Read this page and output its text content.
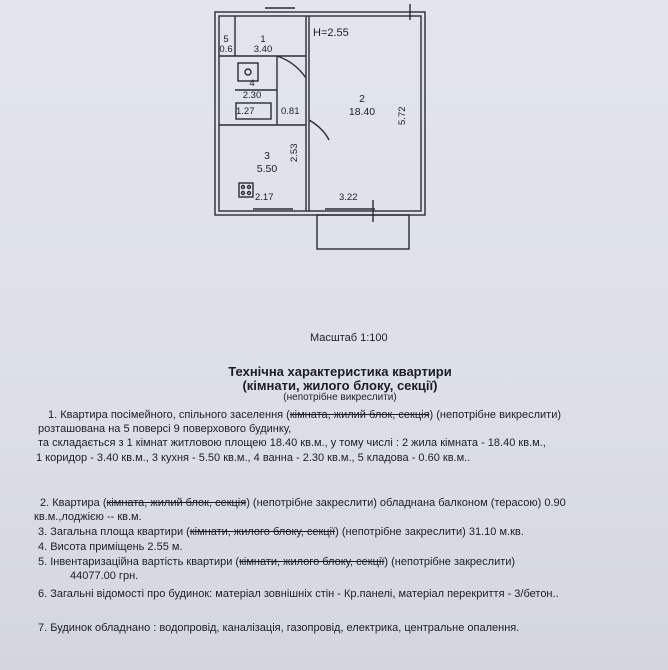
H=2.55
5
0.6
1
3.40
4
2.30	2
18.40
3
5.50
1.27	0.81
2.53
2.17	3.22
5.72
Масштаб 1:100
Технічна характеристика квартири
(кімнати, жилого блоку, секції)
(непотрібне викреслити)
1. Квартира посімейного, спільного заселення (кімната, жилий блок, секція) (непотрібне викреслити)
розташована на 5 поверсі 9 поверхового будинку,
та складається з 1 кімнат житловою площею 18.40 кв.м., у тому числі : 2 жила кімната - 18.40 кв.м.,
1 коридор - 3.40 кв.м., 3 кухня - 5.50 кв.м., 4 ванна - 2.30 кв.м., 5 кладова - 0.60 кв.м..
2. Квартира (кімната, жилий блок, секція) (непотрібне закреслити) обладнана балконом (терасою) 0.90
кв.м.,лоджією -- кв.м.
3. Загальна площа квартири (кімнати, жилого блоку, секції) (непотрібне закреслити) 31.10 м.кв.
4. Висота приміщень 2.55 м.
5. Інвентаризаційна вартість квартири (кімнати, жилого блоку, секції) (непотрібне закреслити)
44077.00 грн.
6. Загальні відомості про будинок: матеріал зовнішніх стін - Кр.панелі, матеріал перекриття - 3/бетон..
7. Будинок обладнано : водопровід, каналізація, газопровід, електрика, центральне опалення.
